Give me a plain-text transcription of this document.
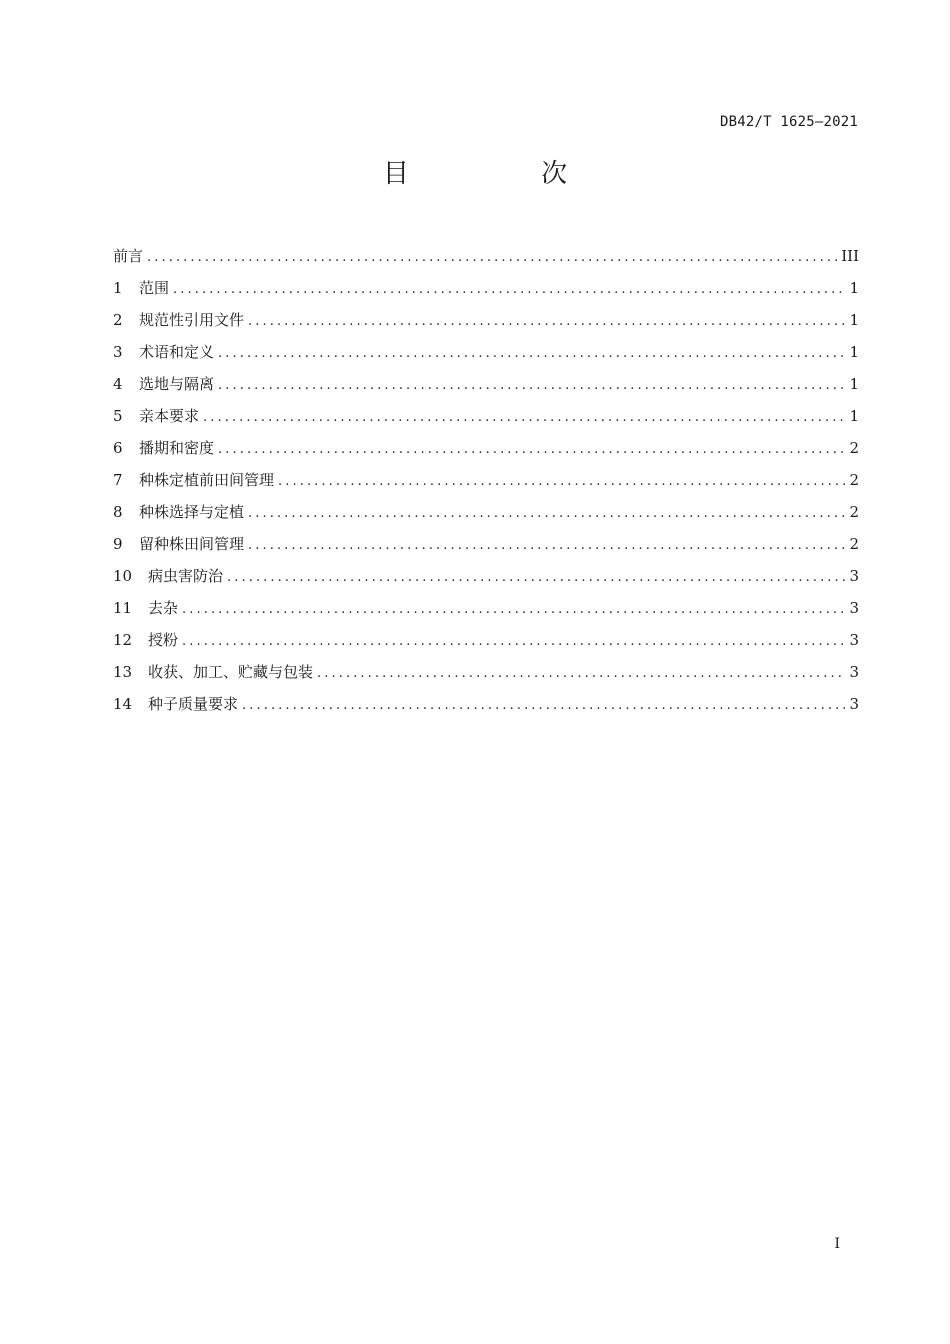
DB42/T 1625—2021
目 次
前言 .....	III
1	范围 .....	1
2	规范性引用文件 .....	1
3	术语和定义 .....	1
4	选地与隔离 .....	1
5	亲本要求 .....	1
6	播期和密度 .....	2
7	种株定植前田间管理 .....	2
8	种株选择与定植 .....	2
9	留种株田间管理 .....	2
10	病虫害防治 .....	3
11	去杂 .....	3
12	授粉 .....	3
13	收获、加工、贮藏与包装 .....	3
14	种子质量要求 .....	3
I
